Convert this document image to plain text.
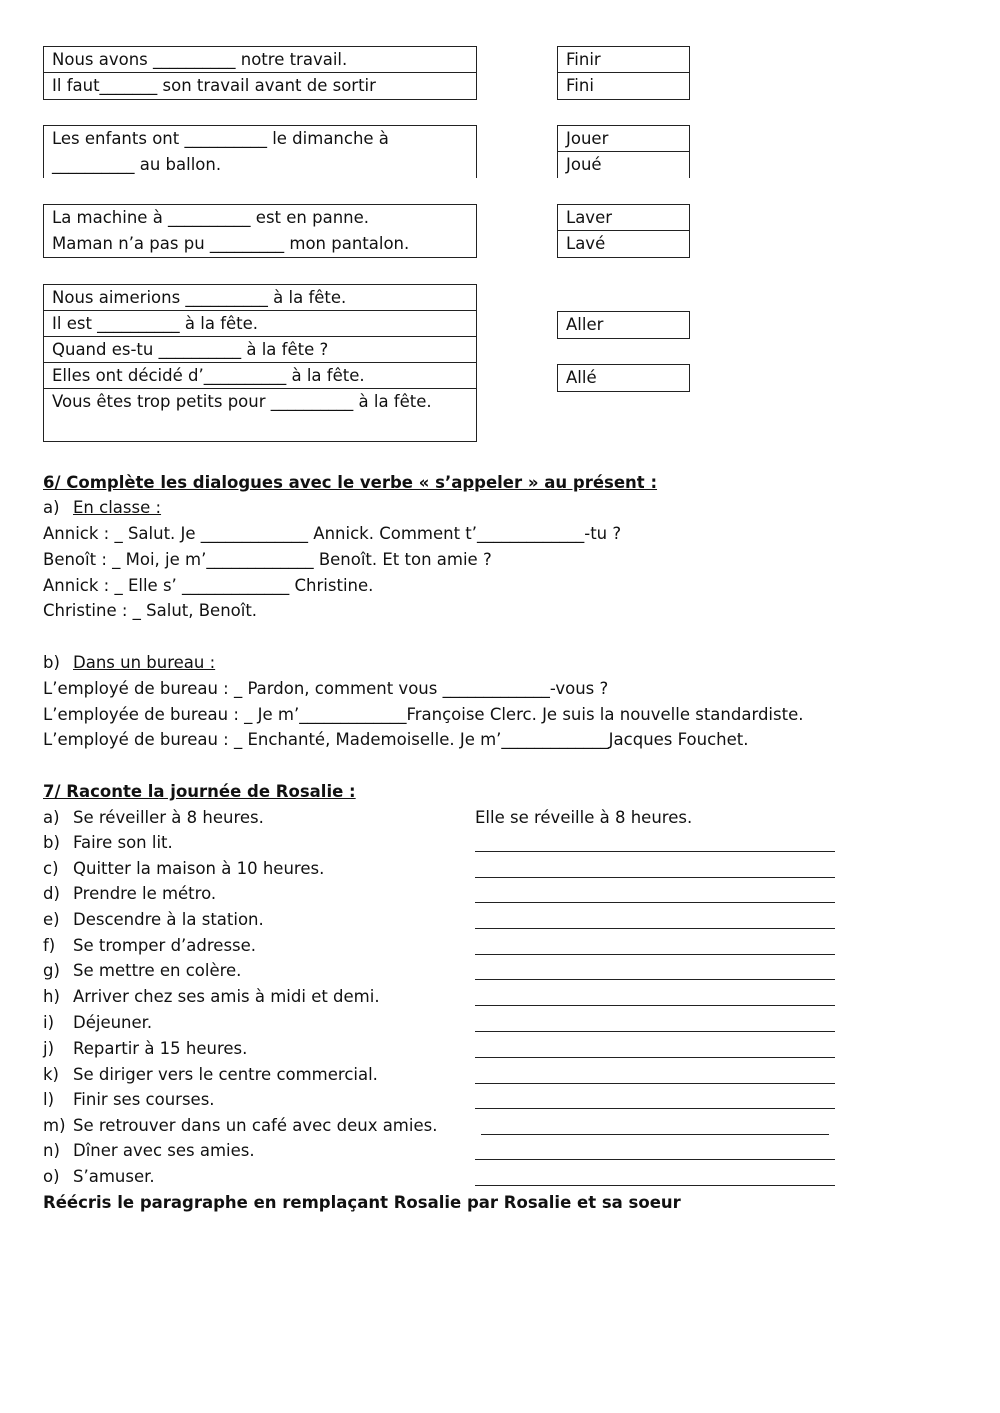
Nous avons __________ notre travail.
Il faut_______ son travail avant de sortir
Finir
Fini
Les enfants ont __________ le dimanche à
__________ au ballon.
Jouer
Joué
La machine à __________ est en panne.
Maman n’a pas pu _________ mon pantalon.
Laver
Lavé
Nous aimerions __________ à la fête.
Il est __________ à la fête.
Quand es-tu __________ à la fête ?
Elles ont décidé d’__________ à la fête.
Vous êtes trop petits pour __________ à la fête.
Aller
Allé
6/ Complète les dialogues avec le verbe « s’appeler » au présent :
a) En classe :
Annick : _ Salut. Je _____________ Annick. Comment t’_____________-tu ?
Benoît : _ Moi, je m’_____________ Benoît. Et ton amie ?
Annick : _ Elle s’ _____________ Christine.
Christine : _ Salut, Benoît.
b) Dans un bureau :
L’employé de bureau : _ Pardon, comment vous _____________-vous ?
L’employée de bureau : _ Je m’_____________Françoise Clerc. Je suis la nouvelle standardiste.
L’employé de bureau : _ Enchanté, Mademoiselle. Je m’_____________Jacques Fouchet.
7/ Raconte la journée de Rosalie :
a) Se réveiller à 8 heures.	Elle se réveille à 8 heures.
b) Faire son lit.
c) Quitter la maison à 10 heures.
d) Prendre le métro.
e) Descendre à la station.
f) Se tromper d’adresse.
g) Se mettre en colère.
h) Arriver chez ses amis à midi et demi.
i) Déjeuner.
j) Repartir à 15 heures.
k) Se diriger vers le centre commercial.
l) Finir ses courses.
m) Se retrouver dans un café avec deux amies.
n) Dîner avec ses amies.
o) S’amuser.
Réécris le paragraphe en remplaçant Rosalie par Rosalie et sa soeur
